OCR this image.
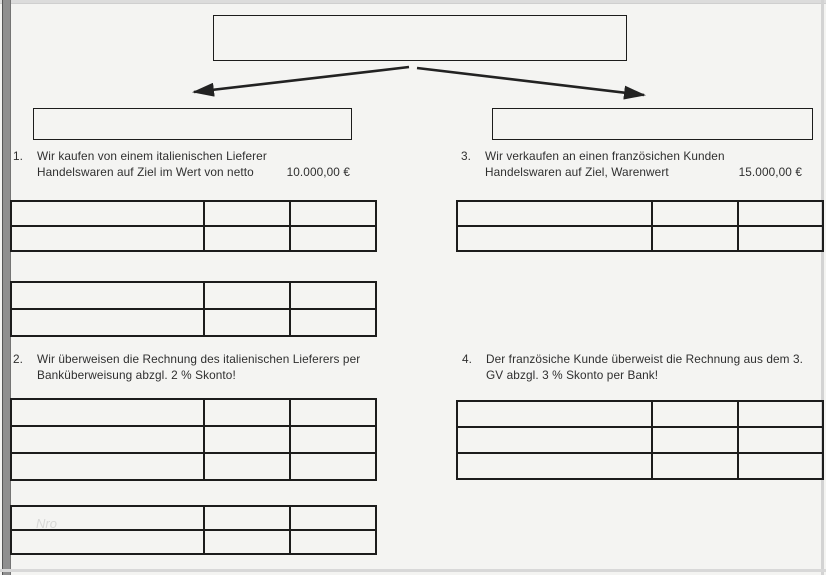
1.	Wir kaufen von einem italienischen Lieferer
Handelswaren auf Ziel im Wert von netto	10.000,00 €
3.	Wir verkaufen an einen französichen Kunden
Handelswaren auf Ziel, Warenwert	15.000,00 €
2.	Wir überweisen die Rechnung des italienischen Lieferers per
Banküberweisung abzgl. 2 % Skonto!
4.	Der französiche Kunde überweist die Rechnung aus dem 3.
GV abzgl. 3 % Skonto per Bank!

Nro
